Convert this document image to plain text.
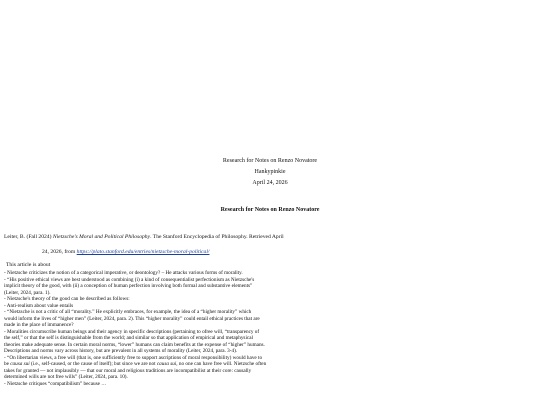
Research for Notes on Renzo Novatore
Hankypinkie
April 24, 2026
Research for Notes on Renzo Novatore
Leiter, B. (Fall 2024) Nietzsche's Moral and Political Philosophy. The Stanford Encyclopedia of Philosophy. Retrieved April
24, 2026, from https://plato.stanford.edu/entries/nietzsche-moral-political/
This article is about

- Nietzsche criticizes the notion of a categorical imperative, or deontology? – He attacks various forms of morality.

- “His positive ethical views are best understood as combining (i) a kind of consequentialist perfectionism as Nietzsche's

implicit theory of the good, with (ii) a conception of human perfection involving both formal and substantive elements”

(Leiter, 2024, para. 1).

- Nietzsche's theory of the good can be described as follows:

- Anti-realism about value entails

- “Nietzsche is not a critic of all “morality.” He explicitly embraces, for example, the idea of a “higher morality” which

would inform the lives of “higher men” (Leiter, 2024, para. 2). This “higher morality” could entail ethical practices that are

made in the place of immanence?

- Moralities circumscribe human beings and their agency in specific descriptions (pertaining to ofree will, “transparency of

the self,” or that the self is distinguishable from the world; and similar so that application of empirical and metaphysical

theories make adequate sense. In certain moral norms, “lower” humans can claim benefits at the expense of “higher” humans.

Descriptions and norms vary across history, but are prevalent in all systems of morality (Leiter, 2024, para. 3-4).

- “On libertarian views, a free will (that is, one sufficiently free to support ascriptions of moral responsibility) would have to

be causa sui (i.e., self-caused, or the cause of itself); but since we are not causa sui, no one can have free will. Nietzsche often

takes for granted — not implausibly — that our moral and religious traditions are incompatibilist at their core: causally

determined wills are not free wills” (Leiter, 2024, para. 10).

- Nietzsche critiques “compatibilism” because …
